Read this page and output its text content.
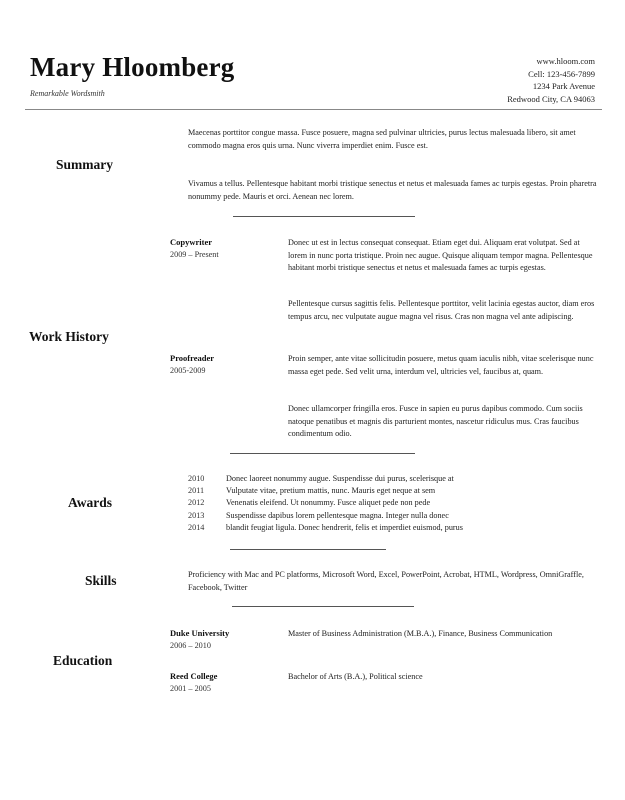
Mary Hloomberg
Remarkable Wordsmith
www.hloom.com
Cell: 123-456-7899
1234 Park Avenue
Redwood City, CA 94063
Summary
Maecenas porttitor congue massa. Fusce posuere, magna sed pulvinar ultricies, purus lectus malesuada libero, sit amet commodo magna eros quis urna. Nunc viverra imperdiet enim. Fusce est.
Vivamus a tellus. Pellentesque habitant morbi tristique senectus et netus et malesuada fames ac turpis egestas. Proin pharetra nonummy pede. Mauris et orci. Aenean nec lorem.
Work History
Copywriter
2009 – Present
Donec ut est in lectus consequat consequat. Etiam eget dui. Aliquam erat volutpat. Sed at lorem in nunc porta tristique. Proin nec augue. Quisque aliquam tempor magna. Pellentesque habitant morbi tristique senectus et netus et malesuada fames ac turpis egestas.
Pellentesque cursus sagittis felis. Pellentesque porttitor, velit lacinia egestas auctor, diam eros tempus arcu, nec vulputate augue magna vel risus. Cras non magna vel ante adipiscing.
Proofreader
2005-2009
Proin semper, ante vitae sollicitudin posuere, metus quam iaculis nibh, vitae scelerisque nunc massa eget pede. Sed velit urna, interdum vel, ultricies vel, faucibus at, quam.
Donec ullamcorper fringilla eros. Fusce in sapien eu purus dapibus commodo. Cum sociis natoque penatibus et magnis dis parturient montes, nascetur ridiculus mus. Cras faucibus condimentum odio.
Awards
2010	Donec laoreet nonummy augue. Suspendisse dui purus, scelerisque at
2011	Vulputate vitae, pretium mattis, nunc. Mauris eget neque at sem
2012	Venenatis eleifend. Ut nonummy. Fusce aliquet pede non pede
2013	Suspendisse dapibus lorem pellentesque magna. Integer nulla donec
2014	blandit feugiat ligula. Donec hendrerit, felis et imperdiet euismod, purus
Skills	Proficiency with Mac and PC platforms, Microsoft Word, Excel, PowerPoint, Acrobat, HTML, Wordpress, OmniGraffle, Facebook, Twitter
Education
Duke University
2006 – 2010
Master of Business Administration (M.B.A.), Finance, Business Communication
Reed College
2001 – 2005
Bachelor of Arts (B.A.), Political science
